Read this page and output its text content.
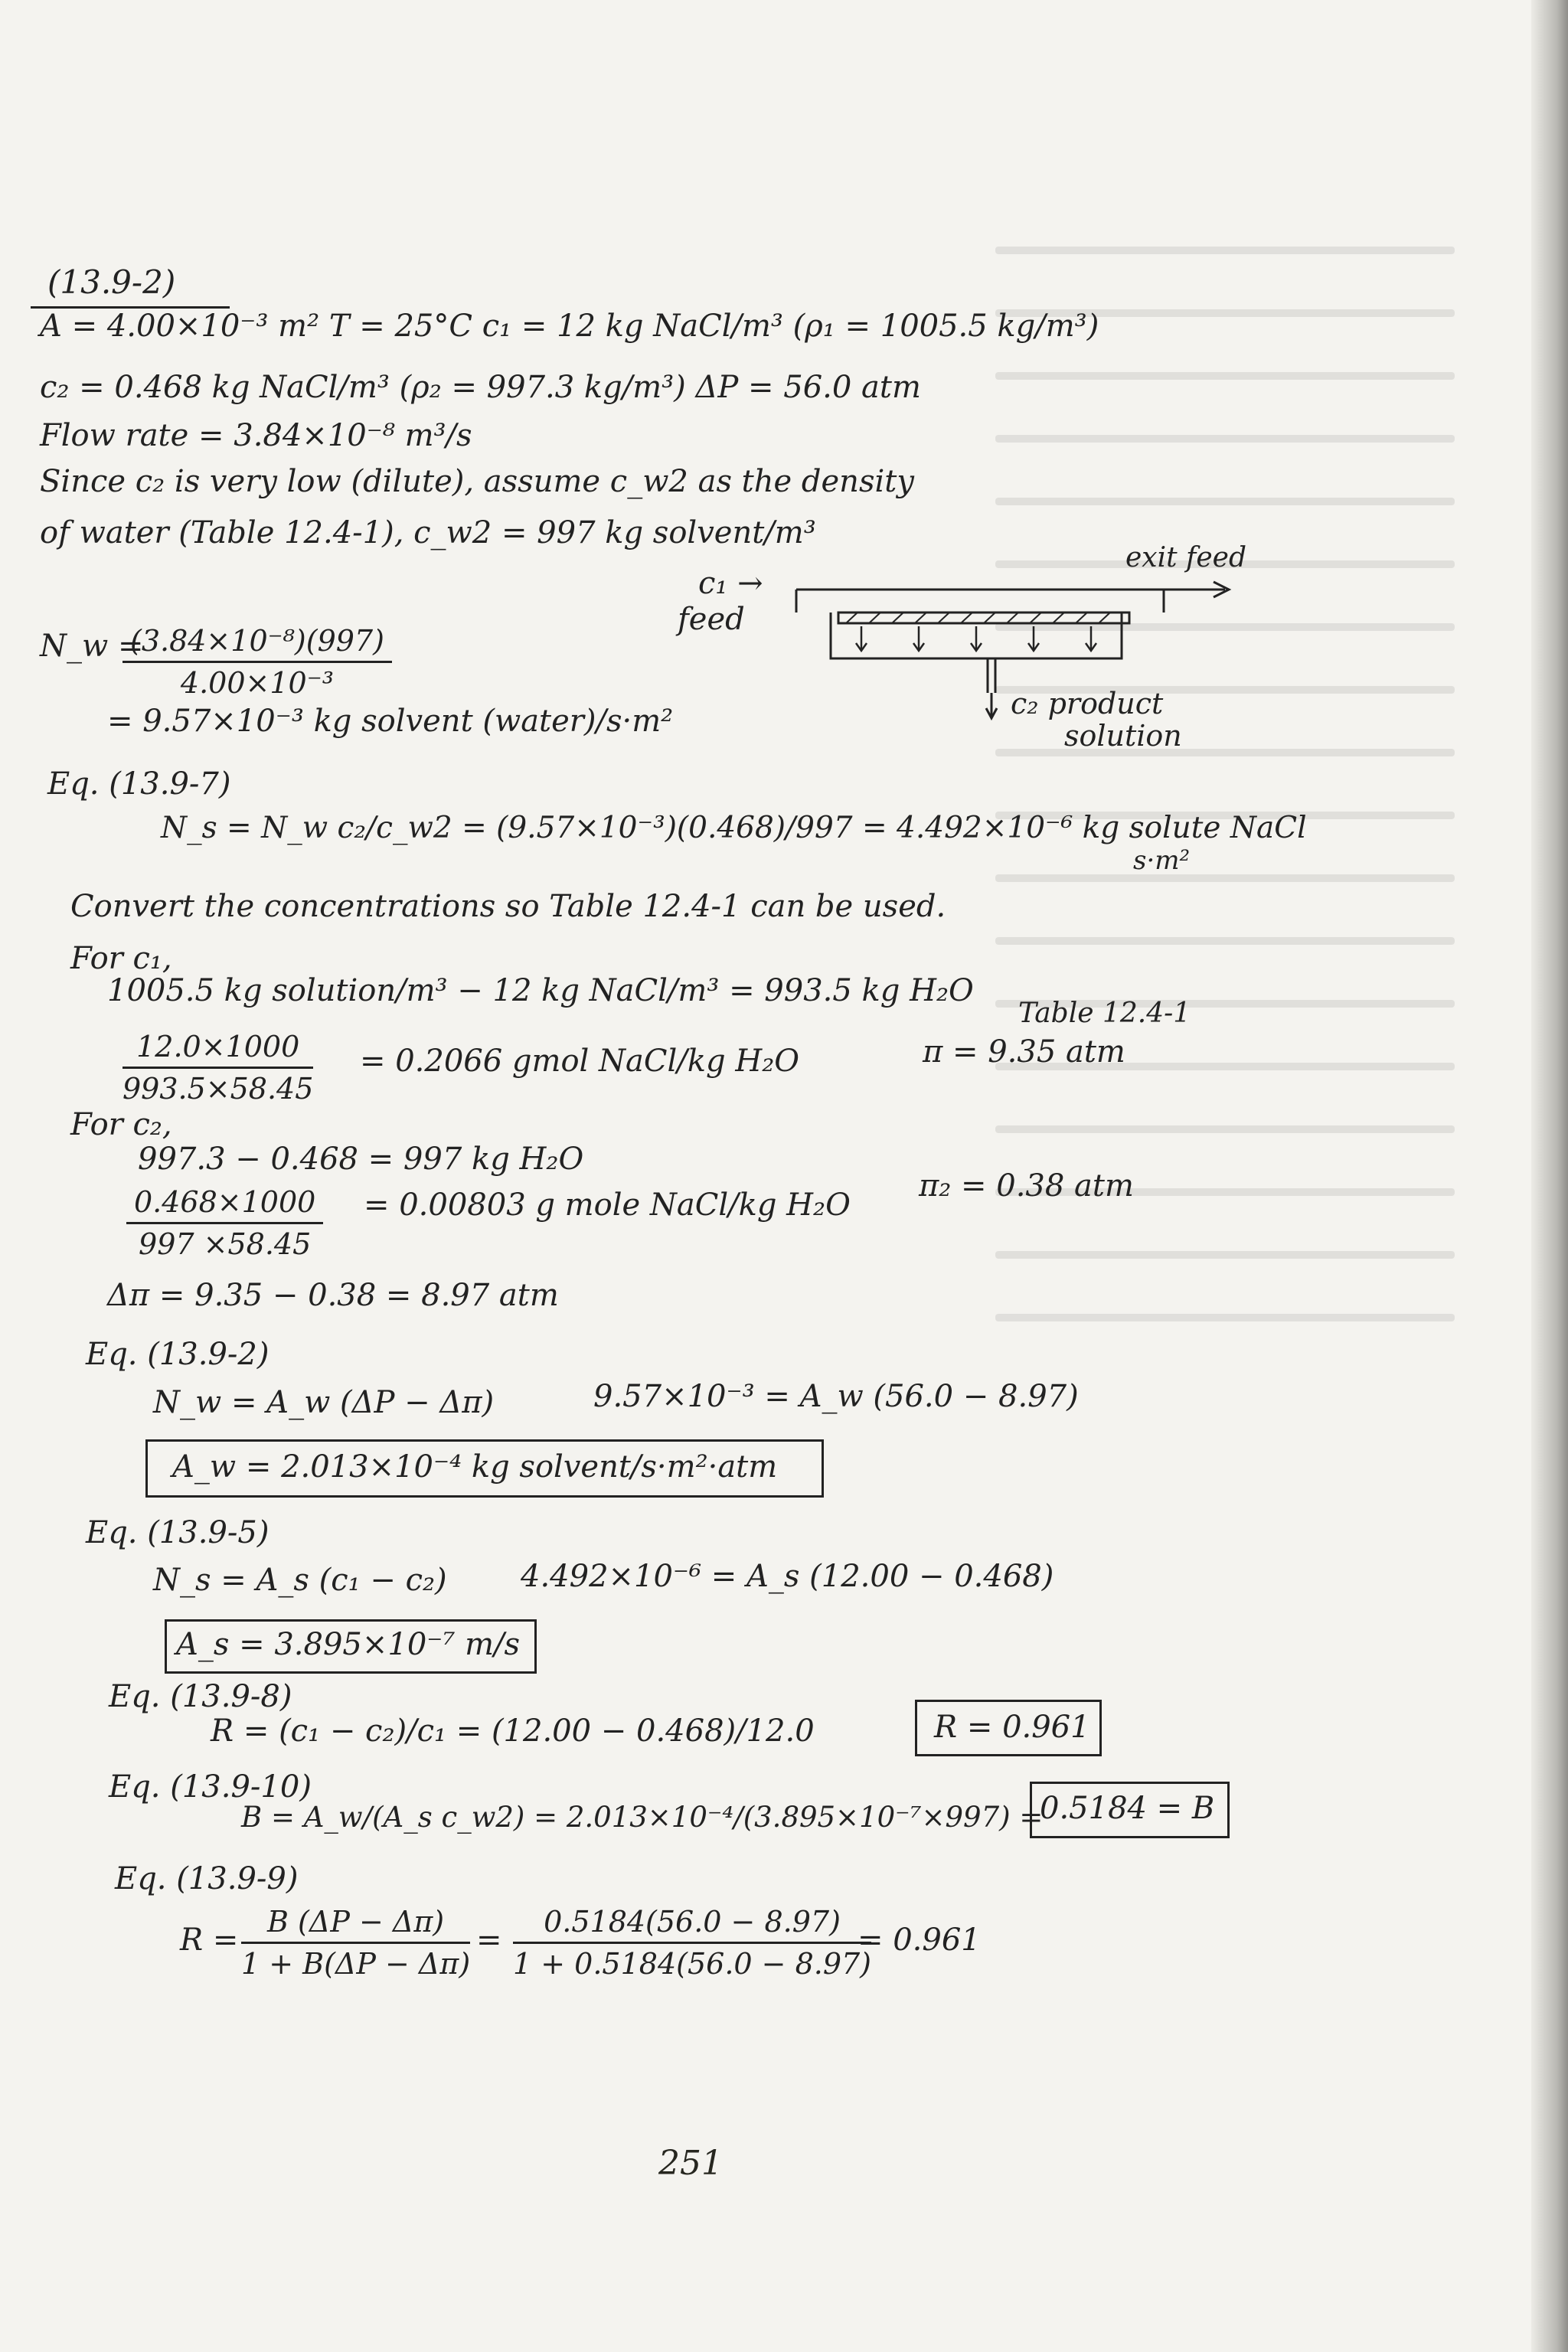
(13.9-2)
A = 4.00×10⁻³ m² T = 25°C c₁ = 12 kg NaCl/m³ (ρ₁ = 1005.5 kg/m³)
c₂ = 0.468 kg NaCl/m³ (ρ₂ = 997.3 kg/m³) ΔP = 56.0 atm
Flow rate = 3.84×10⁻⁸ m³/s
Since c₂ is very low (dilute), assume c_w2 as the density
of water (Table 12.4-1), c_w2 = 997 kg solvent/m³
c₁ →
feed
exit feed
c₂ product
solution
N_w =
$\frac{\text{(3.84×10⁻⁸)(997)}}{\text{4.00×10⁻³}}$
= 9.57×10⁻³ kg solvent (water)/s·m²
Eq. (13.9-7)
N_s = N_w c₂/c_w2 = (9.57×10⁻³)(0.468)/997 = 4.492×10⁻⁶ kg solute NaCl
s·m²
Convert the concentrations so Table 12.4-1 can be used.
For c₁,
1005.5 kg solution/m³ − 12 kg NaCl/m³ = 993.5 kg H₂O
Table 12.4-1
$\frac{12.0\times 1000}{993.5\times 58.45} = 0.2066$ gmol NaCl/kg H₂O	π = 9.35 atm
For c₂,
997.3 − 0.468 = 997 kg H₂O
$\frac{0.468\times 1000}{997 \times 58.45} = 0.00803$ g mole NaCl/kg H₂O
π₂ = 0.38 atm
Δπ = 9.35 − 0.38 = 8.97 atm
Eq. (13.9-2)
N_w = A_w (ΔP − Δπ)	9.57×10⁻³ = A_w (56.0 − 8.97)
A_w = 2.013×10⁻⁴ kg solvent/s·m²·atm
Eq. (13.9-5)
N_s = A_s (c₁ − c₂) 4.492×10⁻⁶ = A_s (12.00 − 0.468)
A_s = 3.895×10⁻⁷ m/s
Eq. (13.9-8)
R = (c₁ − c₂)/c₁ = (12.00 − 0.468)/12.0	R = 0.961
Eq. (13.9-10)
B = A_w/(A_s c_w2) = 2.013×10⁻⁴/(3.895×10⁻⁷×997) =
0.5184 = B
Eq. (13.9-9)
$R = \frac{B (\Delta P - \Delta\pi)}{1 + B(\Delta P - \Delta\pi)} = \frac{0.5184(56.0 - 8.97)}{1 + 0.5184(56.0 - 8.97)}$
= 0.961
251
